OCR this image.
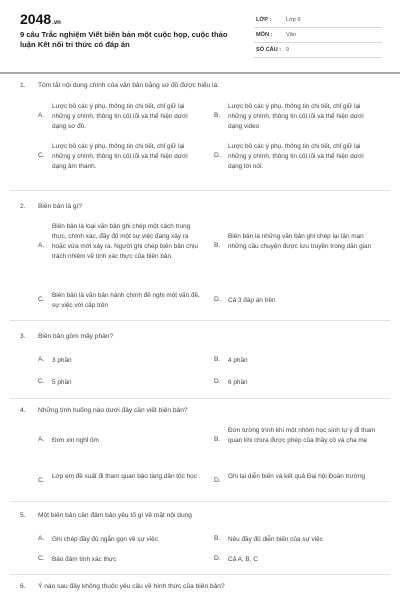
2048.vn
9 câu Trắc nghiệm Viết biên bản một cuộc họp, cuộc thảo luận Kết nối tri thức có đáp án
LỚP :	Lớp 6
MÔN : Văn
SỐ CÂU : 9
1. Tóm tắt nội dung chính của văn bản bằng sơ đồ được hiểu là:
A.
Lược bỏ các ý phụ, thông tin chi tiết, chỉ giữ lại những ý chính, thông tin cốt lõi và thể hiện dưới dạng sơ đồ.
B.
Lược bỏ các ý phụ, thông tin chi tiết, chỉ giữ lại những ý chính, thông tin cốt lõi và thể hiện dưới dạng video
C.
Lược bỏ các ý phụ, thông tin chi tiết, chỉ giữ lại những ý chính, thông tin cốt lõi và thể hiện dưới dạng âm thanh.
D.
Lược bỏ các ý phụ, thông tin chi tiết, chỉ giữ lại những ý chính, thông tin cốt lõi và thể hiện dưới dạng lời nói.
2. Biên bản là gì?
A.
Biên bản là loại văn bản ghi chép một cách trung thực, chính xác, đầy đủ một sự việc đang xảy ra hoặc vừa mới xảy ra. Người ghi chép biên bản chịu trách nhiệm về tính xác thực của biên bản.
B.
Biên bản là những văn bản ghi chép lại tản mạn những câu chuyện được lưu truyền trong dân gian
C.
Biên bản là văn bản hành chính đề nghị một vấn đề, sự việc với cấp trên
D. Cả 3 đáp án trên
3. Biên bản gồm mấy phần?
A. 3 phần	B. 4 phần
C. 5 phần	D. 6 phần
4. Những tình huống nào dưới đây cần viết biên bản?
A. Đơn xin nghỉ ốm	B.
Đơn tường trình khi một nhóm học sinh tự ý đi tham quan khi chưa được phép của thầy cô và cha mẹ
C.
Lớp em đề xuất đi tham quan bảo tàng dân tộc học
D.
Ghi lại diễn biến và kết quả Đại hội Đoàn trường
5. Một biên bản cần đảm bảo yêu tố gì về mặt nội dung
A. Ghi chép đầy đủ ngắn gọn về sự việc	B. Nêu đầy đủ diễn biến của sự việc
C. Bảo đảm tính xác thực	D. Cả A, B, C
6. Ý nào sau đây không thuộc yêu cầu về hình thức của biên bản?
